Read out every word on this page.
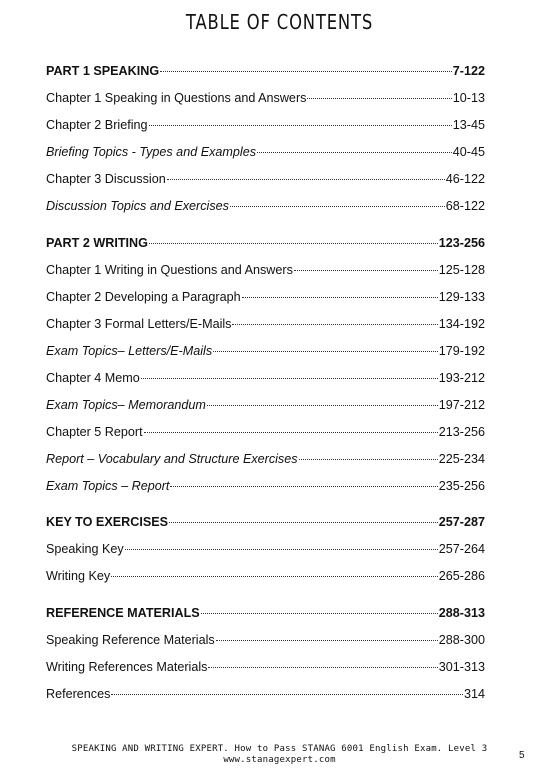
TABLE OF CONTENTS
PART 1 SPEAKING	7-122
Chapter 1 Speaking in Questions and Answers	10-13
Chapter 2 Briefing	13-45
Briefing Topics - Types and Examples	40-45
Chapter 3 Discussion	46-122
Discussion Topics and Exercises	68-122
PART 2 WRITING	123-256
Chapter 1 Writing in Questions and Answers	125-128
Chapter 2 Developing a Paragraph	129-133
Chapter 3 Formal Letters/E-Mails	134-192
Exam Topics– Letters/E-Mails	179-192
Chapter 4 Memo	193-212
Exam Topics– Memorandum	197-212
Chapter 5 Report	213-256
Report – Vocabulary and Structure Exercises	225-234
Exam Topics – Report	235-256
KEY TO EXERCISES	257-287
Speaking Key	257-264
Writing Key	265-286
REFERENCE MATERIALS	288-313
Speaking Reference Materials	288-300
Writing References Materials	301-313
References	314
SPEAKING AND WRITING EXPERT. How to Pass STANAG 6001 English Exam. Level 3
www.stanagexpert.com	5
